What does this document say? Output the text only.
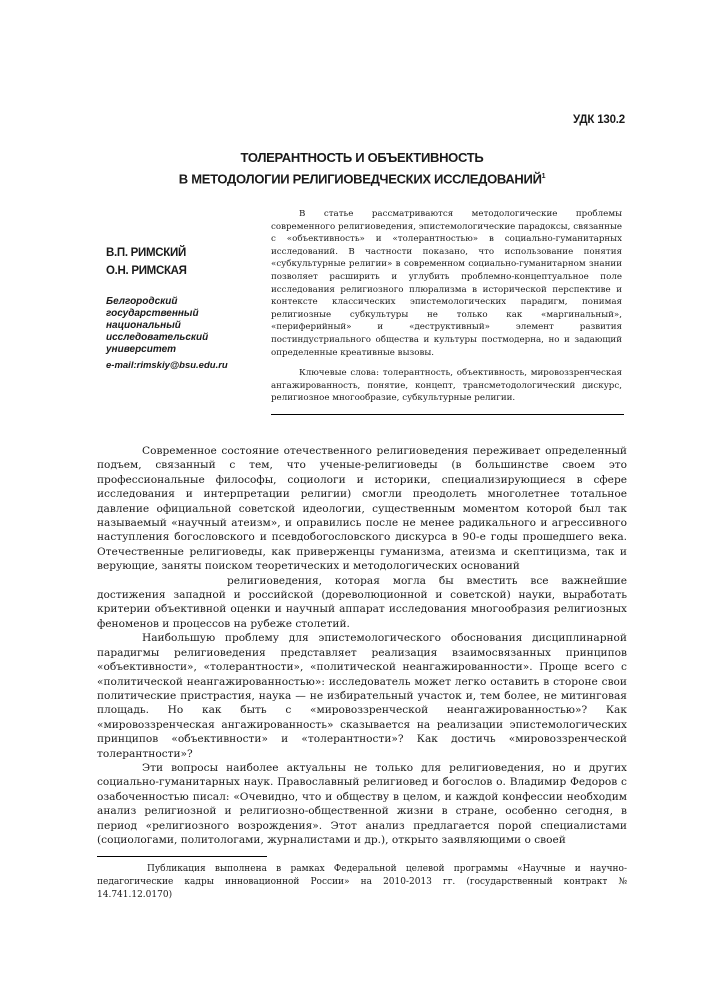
УДК 130.2
ТОЛЕРАНТНОСТЬ И ОБЪЕКТИВНОСТЬ
В МЕТОДОЛОГИИ РЕЛИГИОВЕДЧЕСКИХ ИССЛЕДОВАНИЙ$^1$
В.П. РИМСКИЙ
О.Н. РИМСКАЯ
Белгородский государственный национальный исследовательский университет
e-mail:rimskiy@bsu.edu.ru

В статье рассматриваются методологические проблемы современного религиоведения, эпистемологические парадоксы, связанные с «объективность» и «толерантностью» в социально-гуманитарных исследований. В частности показано, что использование понятия «субкультурные религии» в современном социально-гуманитарном знании позволяет расширить и углубить проблемно-концептуальное поле исследования религиозного плюрализма в исторической перспективе и контексте классических эпистемологических парадигм, понимая религиозные субкультуры не только как «маргинальный», «периферийный» и «деструктивный» элемент развития постиндустриального общества и культуры постмодерна, но и задающий определенные креативные вызовы.

Ключевые слова: толерантность, объективность, мировоззренческая ангажированность, понятие, концепт, трансметодологический дискурс, религиозное многообразие, субкультурные религии.

Современное состояние отечественного религиоведения переживает определенный подъем, связанный с тем, что ученые-религиоведы (в большинстве своем это профессиональные философы, социологи и историки, специализирующиеся в сфере исследования и интерпретации религии) смогли преодолеть многолетнее тотальное давление официальной советской идеологии, существенным моментом которой был так называемый «научный атеизм», и оправились после не менее радикального и агрессивного наступления богословского и псевдобогословского дискурса в 90-е годы прошедшего века. Отечественные религиоведы, как приверженцы гуманизма, атеизма и скептицизма, так и верующие, заняты поиском теоретических и методологических оснований
религиоведения, которая могла бы вместить все важнейшие достижения западной и российской (дореволюционной и советской) науки, выработать критерии объективной оценки и научный аппарат исследования многообразия религиозных феноменов и процессов на рубеже столетий.

Наибольшую проблему для эпистемологического обоснования дисциплинарной парадигмы религиоведения представляет реализация взаимосвязанных принципов «объективности», «толерантности», «политической неангажированности». Проще всего с «политической неангажированностью»: исследователь может легко оставить в стороне свои политические пристрастия, наука — не избирательный участок и, тем более, не митинговая площадь. Но как быть с «мировоззренческой неангажированностью»? Как «мировоззренческая ангажированность» сказывается на реализации эпистемологических принципов «объективности» и «толерантности»? Как достичь «мировоззренческой толерантности»?

Эти вопросы наиболее актуальны не только для религиоведения, но и других социально-гуманитарных наук. Православный религиовед и богослов о. Владимир Федоров с озабоченностью писал: «Очевидно, что и обществу в целом, и каждой конфессии необходим анализ религиозной и религиозно-общественной жизни в стране, особенно сегодня, в период «религиозного возрождения». Этот анализ предлагается порой специалистами (социологами, политологами, журналистами и др.), открыто заявляющими о своей

Публикация выполнена в рамках Федеральной целевой программы «Научные и научно-педагогические кадры инновационной России» на 2010-2013 гг. (государственный контракт № 14.741.12.0170)
